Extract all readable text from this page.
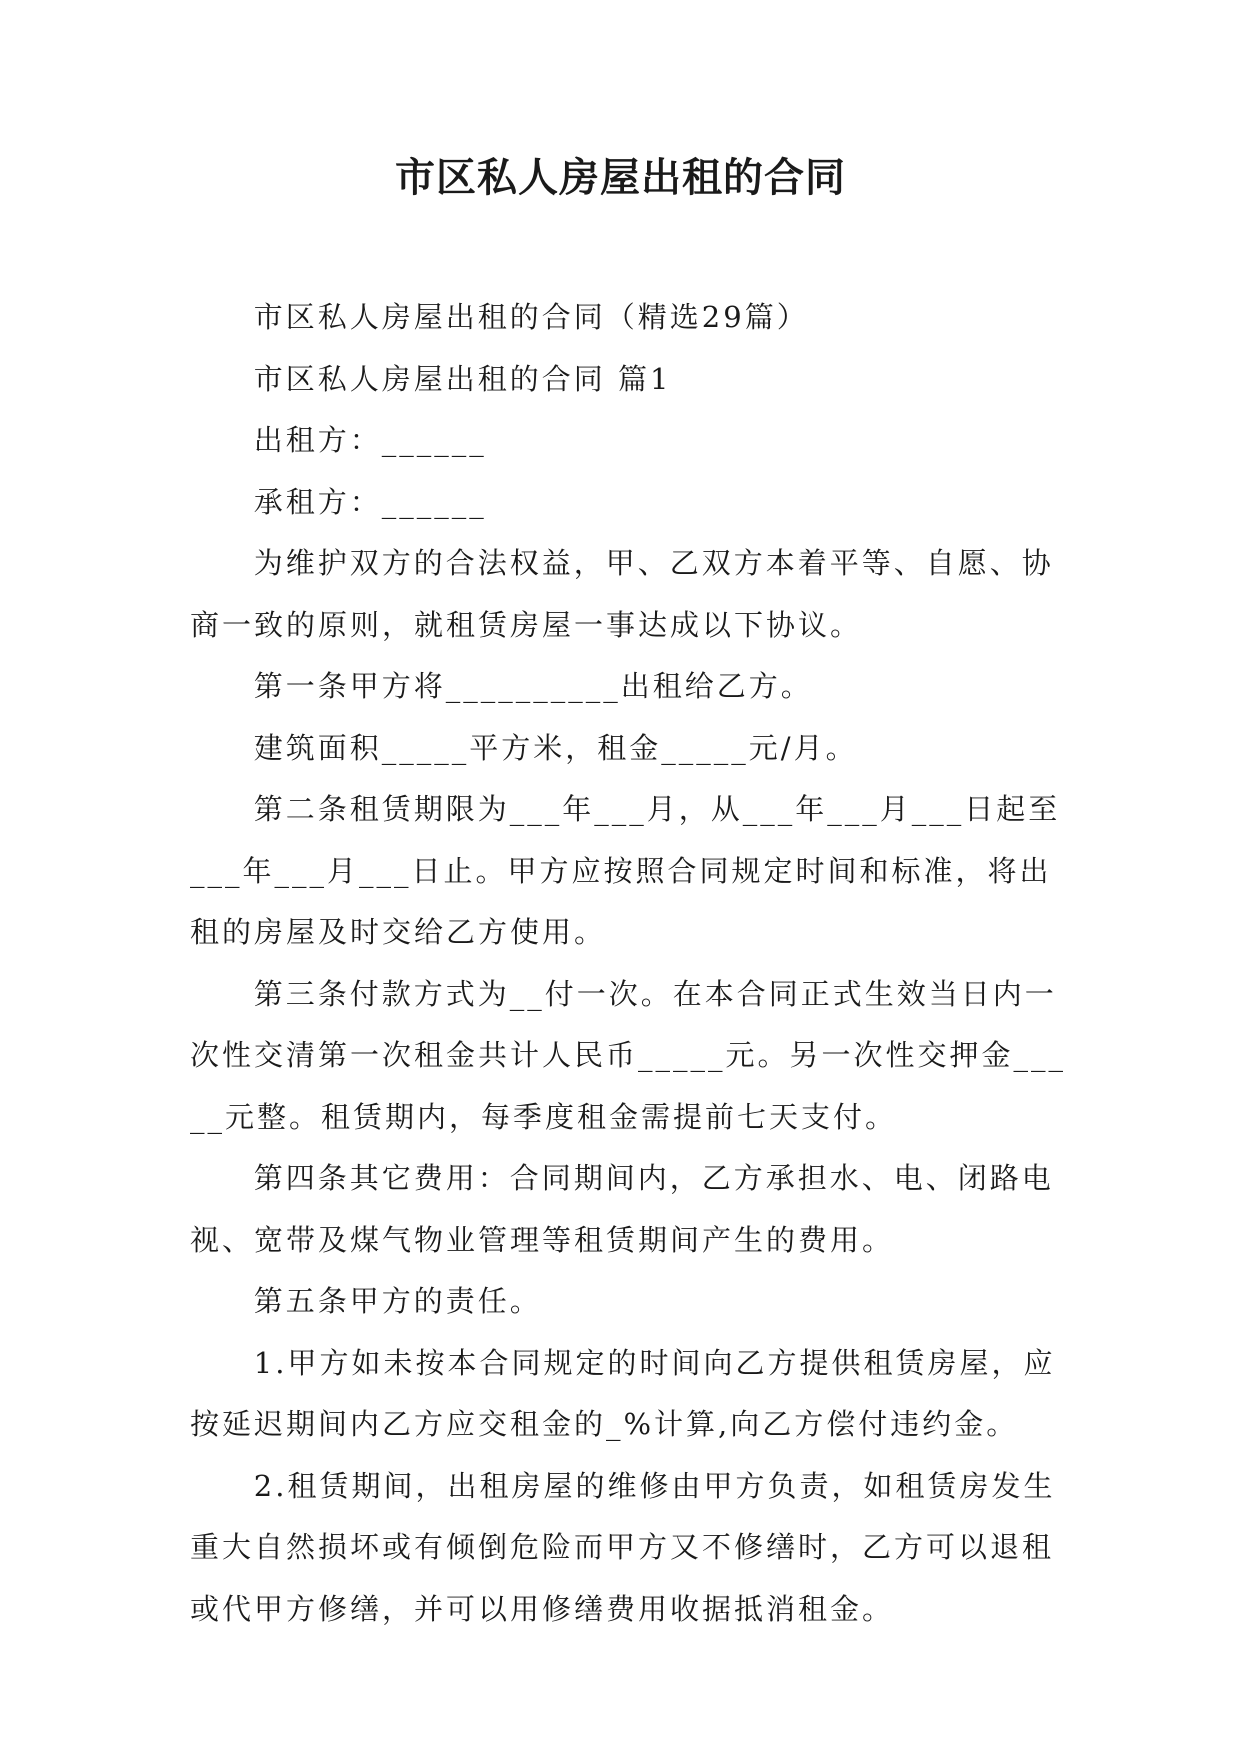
市区私人房屋出租的合同

市区私人房屋出租的合同（精选29篇）

市区私人房屋出租的合同 篇1

出租方：______

承租方：______

为维护双方的合法权益，甲、乙双方本着平等、自愿、协商一致的原则，就租赁房屋一事达成以下协议。

第一条甲方将__________出租给乙方。

建筑面积_____平方米，租金_____元/月。

第二条租赁期限为___年___月，从___年___月___日起至___年___月___日止。甲方应按照合同规定时间和标准，将出租的房屋及时交给乙方使用。

第三条付款方式为__付一次。在本合同正式生效当日内一次性交清第一次租金共计人民币_____元。另一次性交押金_____元整。租赁期内，每季度租金需提前七天支付。

第四条其它费用：合同期间内，乙方承担水、电、闭路电视、宽带及煤气物业管理等租赁期间产生的费用。

第五条甲方的责任。

1.甲方如未按本合同规定的时间向乙方提供租赁房屋，应按延迟期间内乙方应交租金的_%计算,向乙方偿付违约金。

2.租赁期间，出租房屋的维修由甲方负责，如租赁房发生重大自然损坏或有倾倒危险而甲方又不修缮时，乙方可以退租或代甲方修缮，并可以用修缮费用收据抵消租金。
